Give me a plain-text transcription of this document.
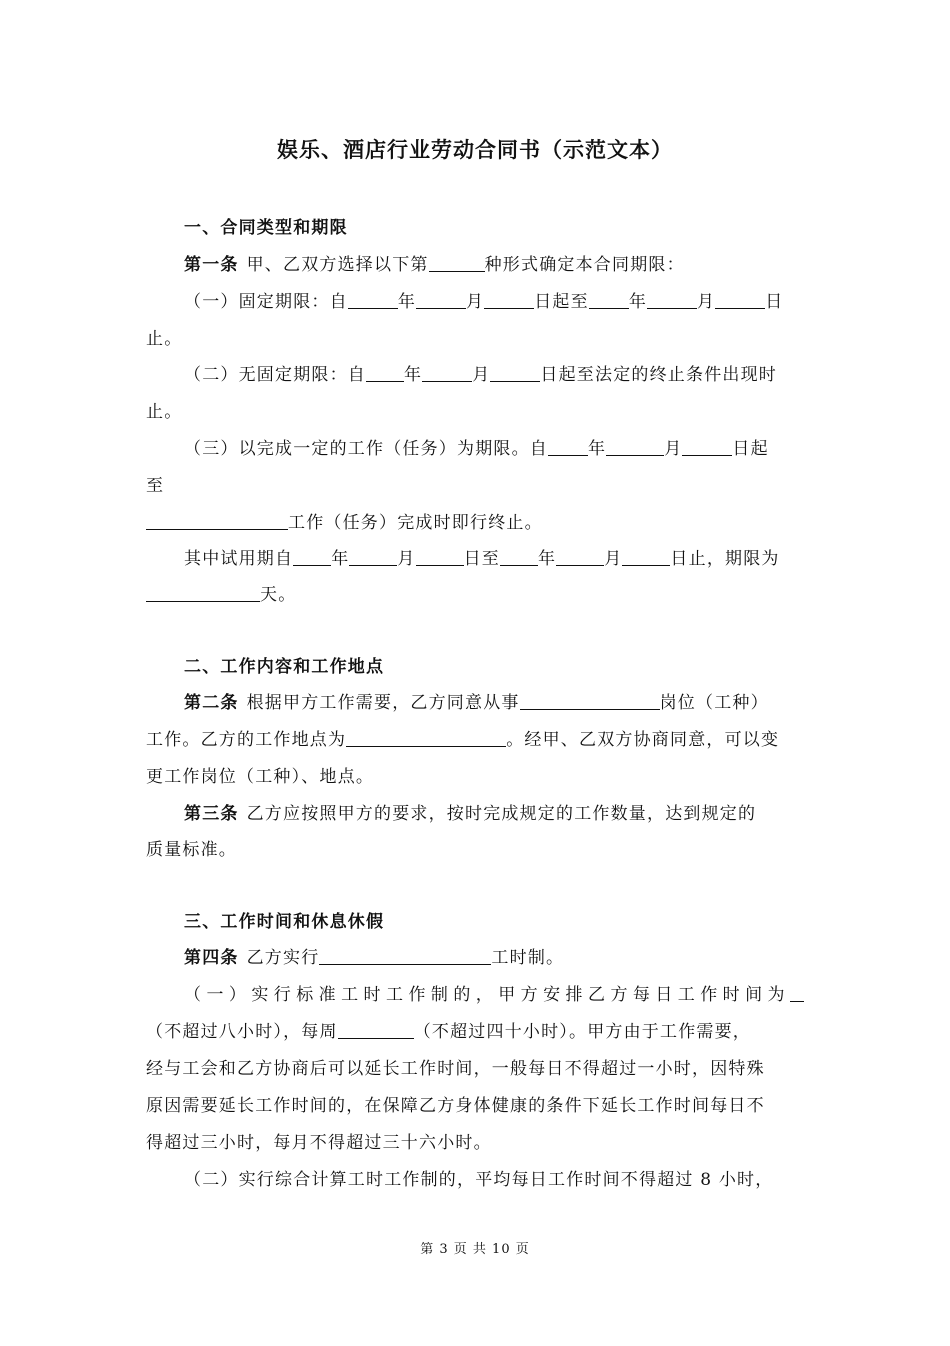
娱乐、酒店行业劳动合同书（示范文本）
一、合同类型和期限
第一条 甲、乙双方选择以下第	种形式确定本合同期限：
（一）固定期限：自	年	月	日起至 年	月	日
止。
（二）无固定期限：自 年	月	日起至法定的终止条件出现时
止。
（三）以完成一定的工作（任务）为期限。自 年	月	日起
至
工作（任务）完成时即行终止。
其中试用期自 年	月	日至 年	月	日止，期限为
天。
二、工作内容和工作地点
第二条 根据甲方工作需要，乙方同意从事	岗位（工种）
工作。乙方的工作地点为	。经甲、乙双方协商同意，可以变
更工作岗位（工种）、地点。
第三条 乙方应按照甲方的要求，按时完成规定的工作数量，达到规定的
质量标准。
三、工作时间和休息休假
第四条 乙方实行	工时制。
（一）实行标准工时工作制的，甲方安排乙方每日工作时间为
（不超过八小时），每周	（不超过四十小时）。甲方由于工作需要，
经与工会和乙方协商后可以延长工作时间，一般每日不得超过一小时，因特殊
原因需要延长工作时间的，在保障乙方身体健康的条件下延长工作时间每日不
得超过三小时，每月不得超过三十六小时。
（二）实行综合计算工时工作制的，平均每日工作时间不得超过 8 小时，
第 3 页 共 10 页
